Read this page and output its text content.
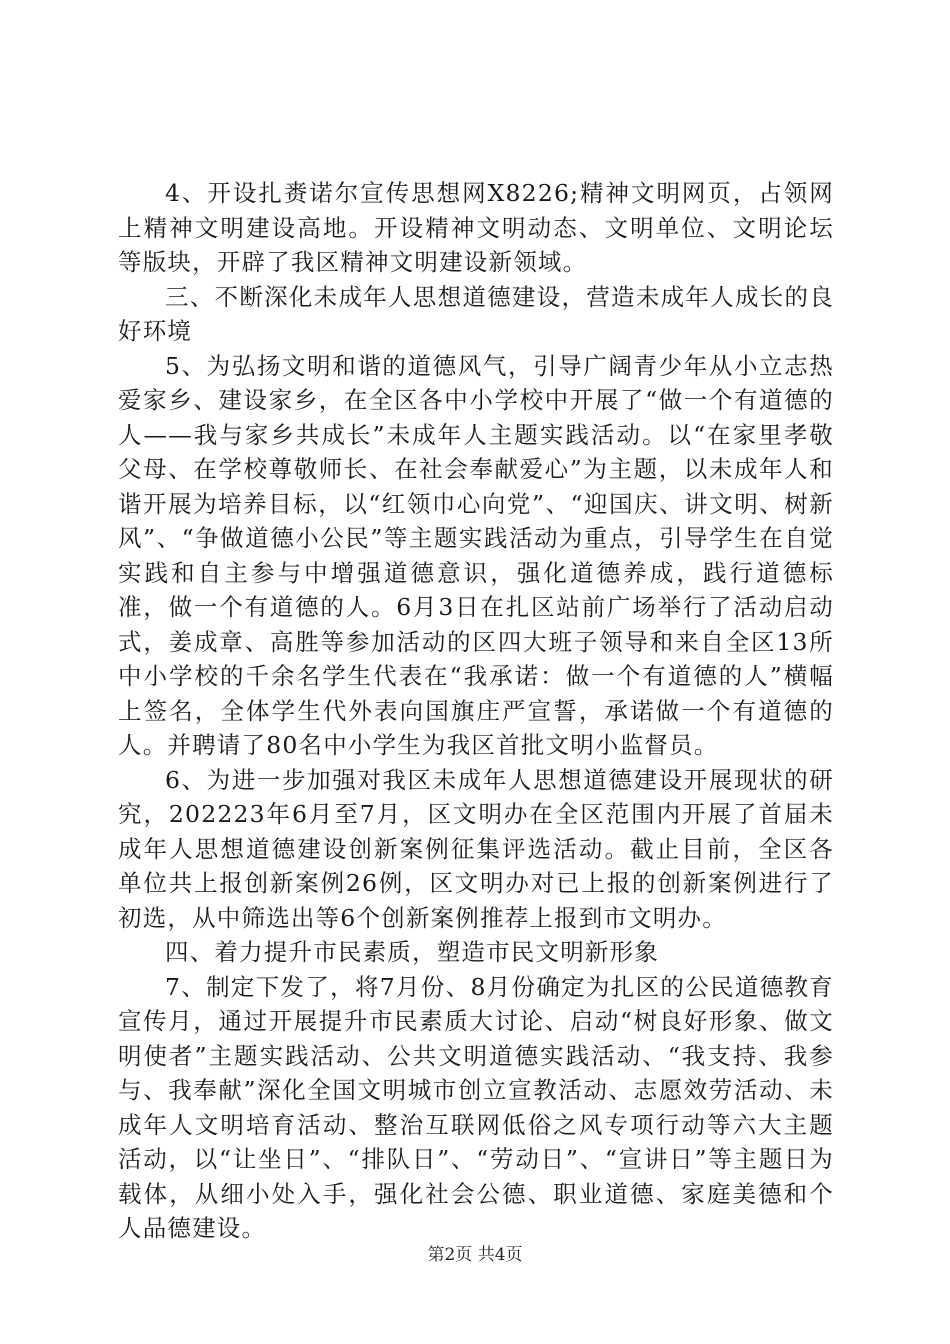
4、开设扎赉诺尔宣传思想网X8226;精神文明网页，占领网上精神文明建设高地。开设精神文明动态、文明单位、文明论坛等版块，开辟了我区精神文明建设新领域。

三、不断深化未成年人思想道德建设，营造未成年人成长的良好环境

5、为弘扬文明和谐的道德风气，引导广阔青少年从小立志热爱家乡、建设家乡，在全区各中小学校中开展了“做一个有道德的人——我与家乡共成长”未成年人主题实践活动。以“在家里孝敬父母、在学校尊敬师长、在社会奉献爱心”为主题，以未成年人和谐开展为培养目标，以“红领巾心向党”、“迎国庆、讲文明、树新风”、“争做道德小公民”等主题实践活动为重点，引导学生在自觉实践和自主参与中增强道德意识，强化道德养成，践行道德标准，做一个有道德的人。6月3日在扎区站前广场举行了活动启动式，姜成章、高胜等参加活动的区四大班子领导和来自全区13所中小学校的千余名学生代表在“我承诺：做一个有道德的人”横幅上签名，全体学生代外表向国旗庄严宣誓，承诺做一个有道德的人。并聘请了80名中小学生为我区首批文明小监督员。

6、为进一步加强对我区未成年人思想道德建设开展现状的研究，202223年6月至7月，区文明办在全区范围内开展了首届未成年人思想道德建设创新案例征集评选活动。截止目前，全区各单位共上报创新案例26例，区文明办对已上报的创新案例进行了初选，从中筛选出等6个创新案例推荐上报到市文明办。

四、着力提升市民素质，塑造市民文明新形象

7、制定下发了，将7月份、8月份确定为扎区的公民道德教育宣传月，通过开展提升市民素质大讨论、启动“树良好形象、做文明使者”主题实践活动、公共文明道德实践活动、“我支持、我参与、我奉献”深化全国文明城市创立宣教活动、志愿效劳活动、未成年人文明培育活动、整治互联网低俗之风专项行动等六大主题活动，以“让坐日”、“排队日”、“劳动日”、“宣讲日”等主题日为载体，从细小处入手，强化社会公德、职业道德、家庭美德和个人品德建设。

第2页 共4页
